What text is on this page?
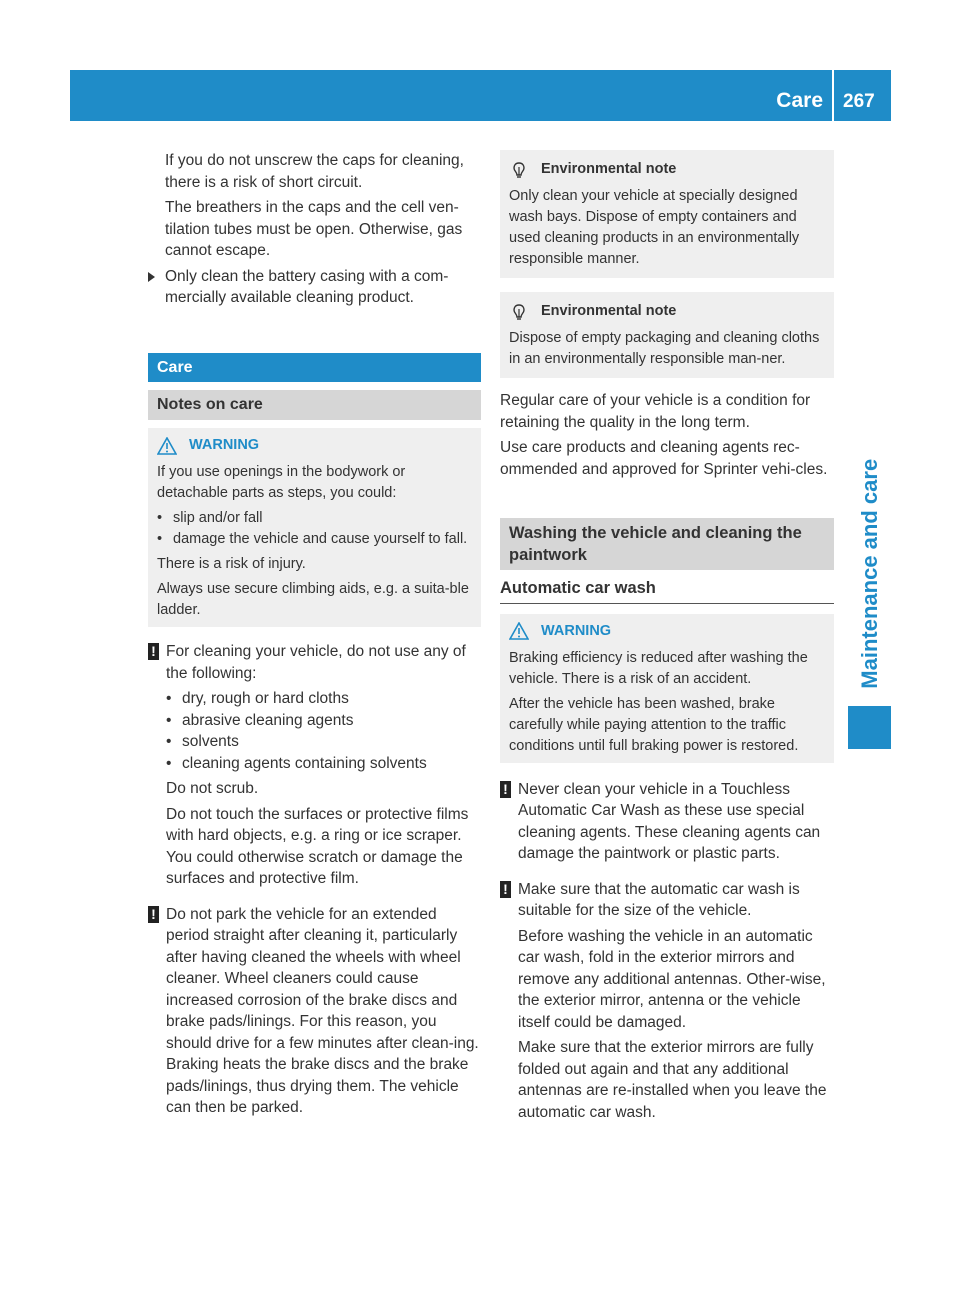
Care 267
Maintenance and care

If you do not unscrew the caps for cleaning, there is a risk of short circuit.

The breathers in the caps and the cell ven-tilation tubes must be open. Otherwise, gas cannot escape.

Only clean the battery casing with a com-mercially available cleaning product.
Care
Notes on care
WARNING

If you use openings in the bodywork or detachable parts as steps, you could:

• slip and/or fall
• damage the vehicle and cause yourself to fall.

There is a risk of injury.

Always use secure climbing aids, e.g. a suita-ble ladder.

! For cleaning your vehicle, do not use any of the following:

• dry, rough or hard cloths
• abrasive cleaning agents
• solvents
• cleaning agents containing solvents

Do not scrub.

Do not touch the surfaces or protective films with hard objects, e.g. a ring or ice scraper. You could otherwise scratch or damage the surfaces and protective film.

! Do not park the vehicle for an extended period straight after cleaning it, particularly after having cleaned the wheels with wheel cleaner. Wheel cleaners could cause increased corrosion of the brake discs and brake pads/linings. For this reason, you should drive for a few minutes after clean-ing. Braking heats the brake discs and the brake pads/linings, thus drying them. The vehicle can then be parked.

Environmental note

Only clean your vehicle at specially designed wash bays. Dispose of empty containers and used cleaning products in an environmentally responsible manner.

Environmental note

Dispose of empty packaging and cleaning cloths in an environmentally responsible man-ner.

Regular care of your vehicle is a condition for retaining the quality in the long term.

Use care products and cleaning agents rec-ommended and approved for Sprinter vehi-cles.

Washing the vehicle and cleaning the paintwork
Automatic car wash
WARNING

Braking efficiency is reduced after washing the vehicle. There is a risk of an accident.

After the vehicle has been washed, brake carefully while paying attention to the traffic conditions until full braking power is restored.

! Never clean your vehicle in a Touchless Automatic Car Wash as these use special cleaning agents. These cleaning agents can damage the paintwork or plastic parts.

! Make sure that the automatic car wash is suitable for the size of the vehicle.

Before washing the vehicle in an automatic car wash, fold in the exterior mirrors and remove any additional antennas. Other-wise, the exterior mirror, antenna or the vehicle itself could be damaged.

Make sure that the exterior mirrors are fully folded out again and that any additional antennas are re-installed when you leave the automatic car wash.
